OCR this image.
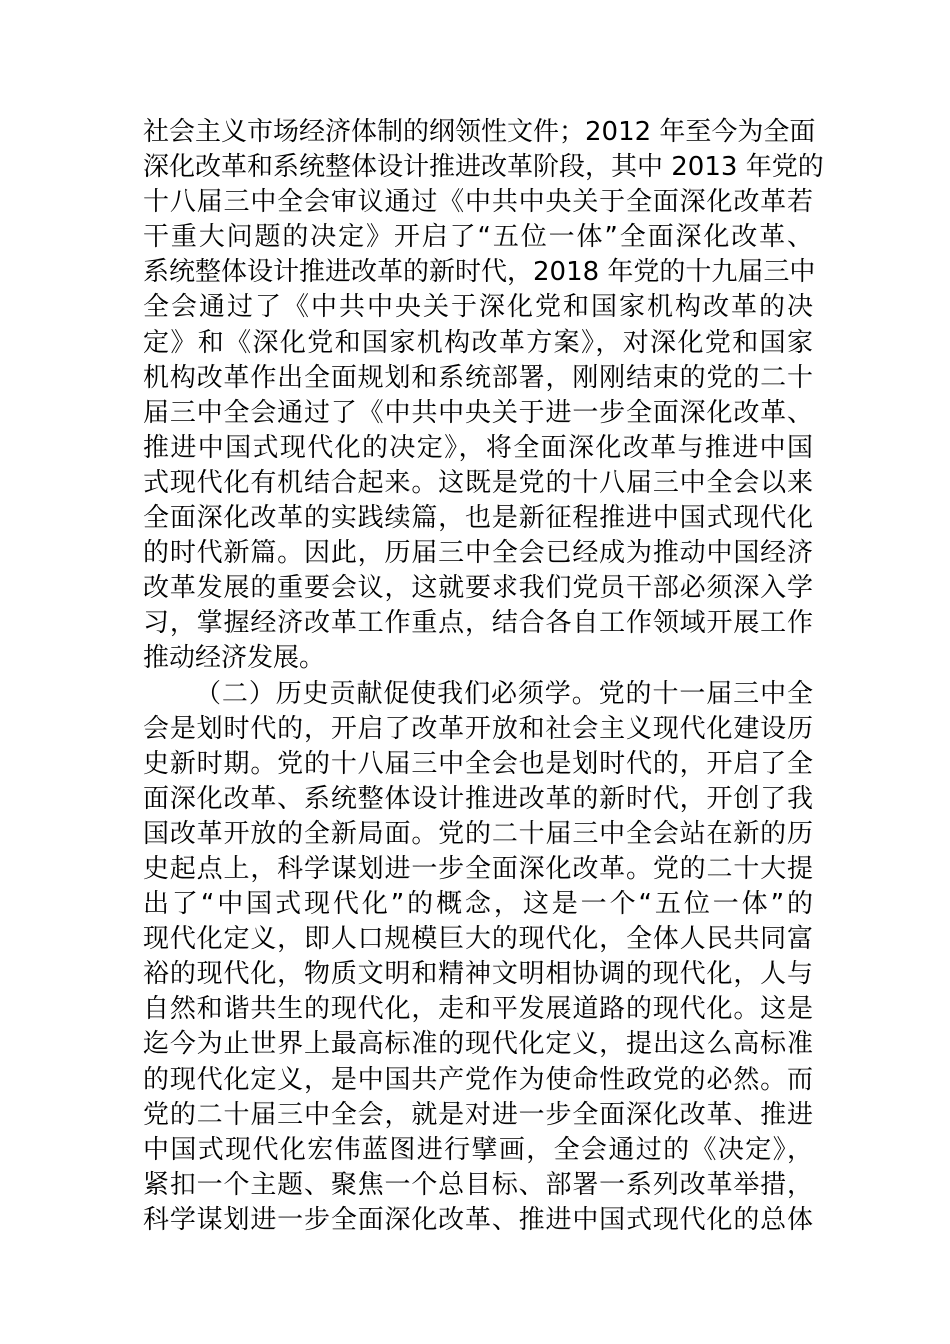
社会主义市场经济体制的纲领性文件；2012 年至今为全面
深化改革和系统整体设计推进改革阶段，其中 2013 年党的
十八届三中全会审议通过《中共中央关于全面深化改革若
干重大问题的决定》开启了“五位一体”全面深化改革、
系统整体设计推进改革的新时代，2018 年党的十九届三中
全会通过了《中共中央关于深化党和国家机构改革的决
定》和《深化党和国家机构改革方案》，对深化党和国家
机构改革作出全面规划和系统部署，刚刚结束的党的二十
届三中全会通过了《中共中央关于进一步全面深化改革、
推进中国式现代化的决定》，将全面深化改革与推进中国
式现代化有机结合起来。这既是党的十八届三中全会以来
全面深化改革的实践续篇，也是新征程推进中国式现代化
的时代新篇。因此，历届三中全会已经成为推动中国经济
改革发展的重要会议，这就要求我们党员干部必须深入学
习，掌握经济改革工作重点，结合各自工作领域开展工作
推动经济发展。
（二）历史贡献促使我们必须学。党的十一届三中全
会是划时代的，开启了改革开放和社会主义现代化建设历
史新时期。党的十八届三中全会也是划时代的，开启了全
面深化改革、系统整体设计推进改革的新时代，开创了我
国改革开放的全新局面。党的二十届三中全会站在新的历
史起点上，科学谋划进一步全面深化改革。党的二十大提
出了“中国式现代化”的概念，这是一个“五位一体”的
现代化定义，即人口规模巨大的现代化，全体人民共同富
裕的现代化，物质文明和精神文明相协调的现代化，人与
自然和谐共生的现代化，走和平发展道路的现代化。这是
迄今为止世界上最高标准的现代化定义，提出这么高标准
的现代化定义，是中国共产党作为使命性政党的必然。而
党的二十届三中全会，就是对进一步全面深化改革、推进
中国式现代化宏伟蓝图进行擘画，全会通过的《决定》，
紧扣一个主题、聚焦一个总目标、部署一系列改革举措，
科学谋划进一步全面深化改革、推进中国式现代化的总体
